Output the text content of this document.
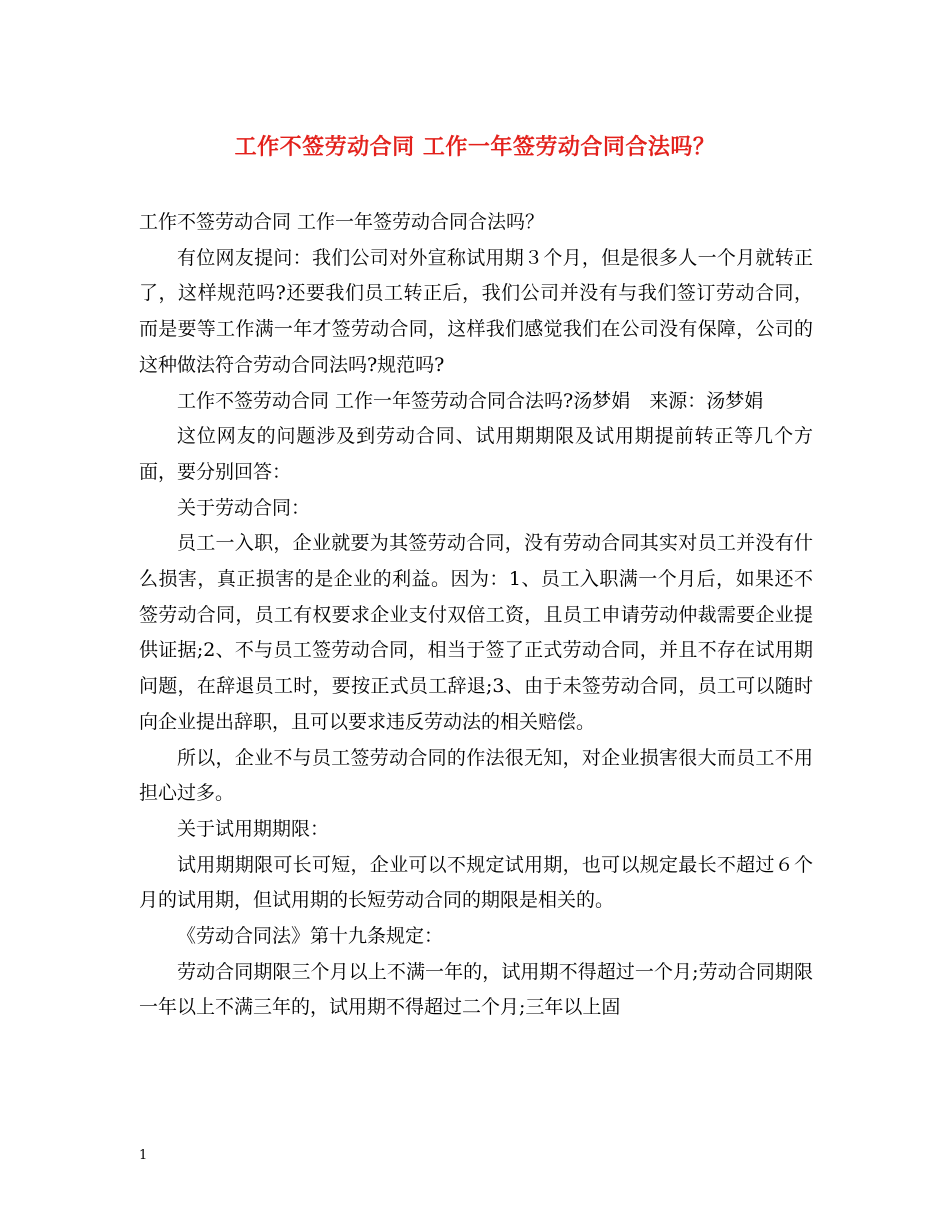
工作不签劳动合同 工作一年签劳动合同合法吗？

工作不签劳动合同 工作一年签劳动合同合法吗？

有位网友提问：我们公司对外宣称试用期３个月，但是很多人一个月就转正了，这样规范吗?还要我们员工转正后，我们公司并没有与我们签订劳动合同，而是要等工作满一年才签劳动合同，这样我们感觉我们在公司没有保障，公司的这种做法符合劳动合同法吗?规范吗?

工作不签劳动合同 工作一年签劳动合同合法吗?汤梦娟　来源：汤梦娟

这位网友的问题涉及到劳动合同、试用期期限及试用期提前转正等几个方面，要分别回答：

关于劳动合同：

员工一入职，企业就要为其签劳动合同，没有劳动合同其实对员工并没有什么损害，真正损害的是企业的利益。因为：1、员工入职满一个月后，如果还不签劳动合同，员工有权要求企业支付双倍工资，且员工申请劳动仲裁需要企业提供证据;2、不与员工签劳动合同，相当于签了正式劳动合同，并且不存在试用期问题，在辞退员工时，要按正式员工辞退;3、由于未签劳动合同，员工可以随时向企业提出辞职，且可以要求违反劳动法的相关赔偿。

所以，企业不与员工签劳动合同的作法很无知，对企业损害很大而员工不用担心过多。

关于试用期期限：

试用期期限可长可短，企业可以不规定试用期，也可以规定最长不超过６个月的试用期，但试用期的长短劳动合同的期限是相关的。

《劳动合同法》第十九条规定：

劳动合同期限三个月以上不满一年的，试用期不得超过一个月;劳动合同期限一年以上不满三年的，试用期不得超过二个月;三年以上固

1
